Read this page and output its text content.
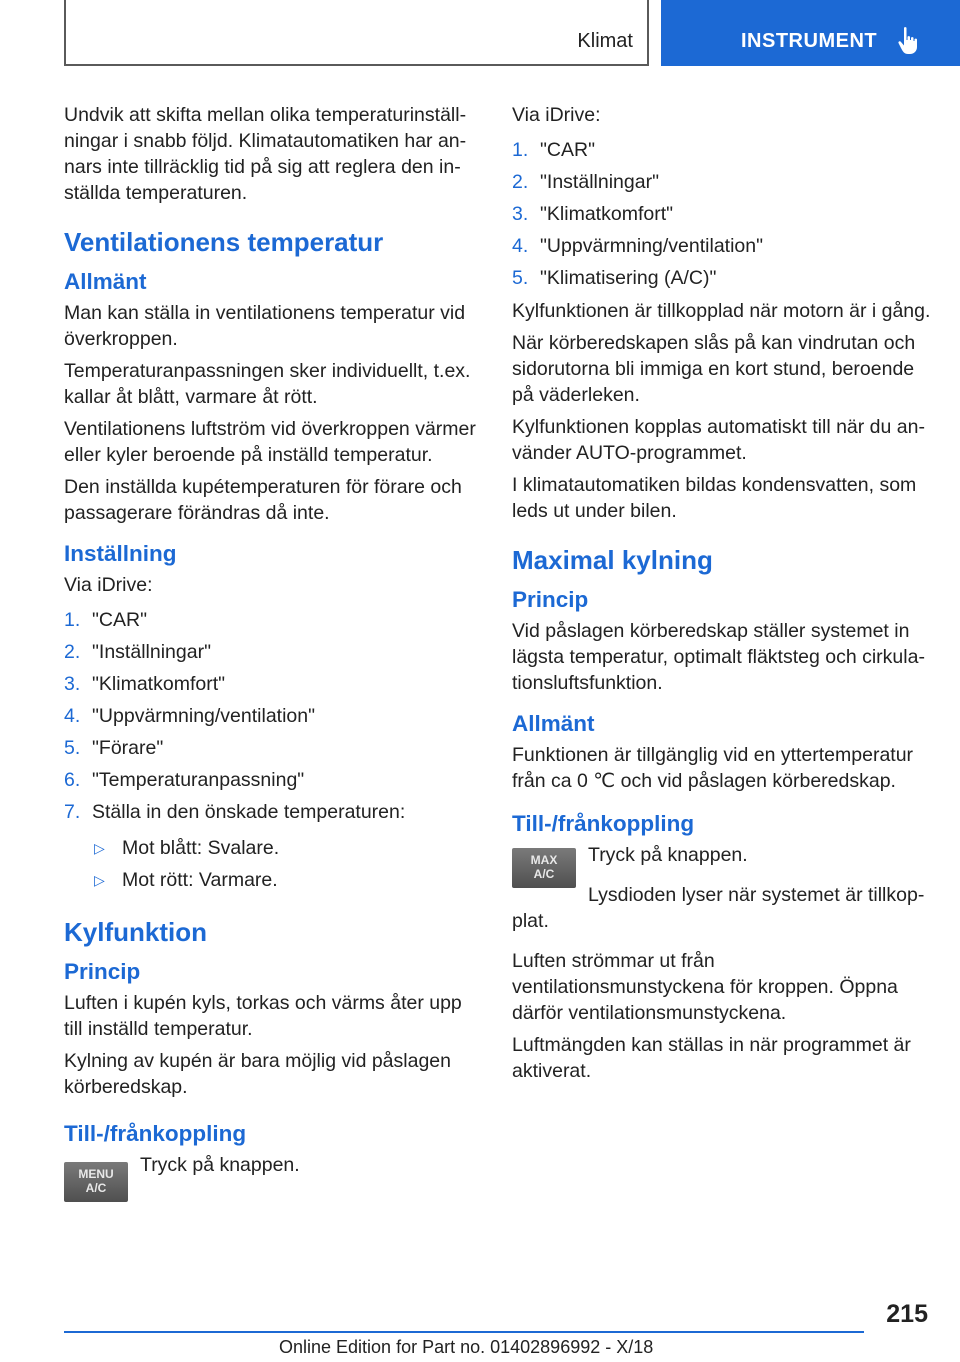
Klimat	INSTRUMENT

Undvik att skifta mellan olika temperaturinställningar i snabb följd. Klimatautomatiken har annars inte tillräcklig tid på sig att reglera den inställda temperaturen.

Ventilationens temperatur
Allmänt

Man kan ställa in ventilationens temperatur vid överkroppen.

Temperaturanpassningen sker individuellt, t.ex. kallar åt blått, varmare åt rött.

Ventilationens luftström vid överkroppen värmer eller kyler beroende på inställd temperatur.

Den inställda kupétemperaturen för förare och passagerare förändras då inte.

Inställning

Via iDrive:

1. "CAR"
2. "Inställningar"
3. "Klimatkomfort"
4. "Uppvärmning/ventilation"
5. "Förare"
6. "Temperaturanpassning"
7. Ställa in den önskade temperaturen:
▷ Mot blått: Svalare.
▷ Mot rött: Varmare.
Kylfunktion
Princip

Luften i kupén kyls, torkas och värms åter upp till inställd temperatur.

Kylning av kupén är bara möjlig vid påslagen körberedskap.

Till-/frånkoppling
MENU
A/C

Tryck på knappen.

Via iDrive:

1. "CAR"
2. "Inställningar"
3. "Klimatkomfort"
4. "Uppvärmning/ventilation"
5. "Klimatisering (A/C)"

Kylfunktionen är tillkopplad när motorn är i gång.

När körberedskapen slås på kan vindrutan och sidorutorna bli immiga en kort stund, beroende på väderleken.

Kylfunktionen kopplas automatiskt till när du använder AUTO-programmet.

I klimatautomatiken bildas kondensvatten, som leds ut under bilen.

Maximal kylning
Princip

Vid påslagen körberedskap ställer systemet in lägsta temperatur, optimalt fläktsteg och cirkulationsluftsfunktion.

Allmänt

Funktionen är tillgänglig vid en yttertemperatur från ca 0 ℃ och vid påslagen körberedskap.

Till-/frånkoppling
MAX
A/C

Tryck på knappen.

Lysdioden lyser när systemet är tillkopplat.

Luften strömmar ut från ventilationsmunstyckena för kroppen. Öppna därför ventilationsmunstyckena.

Luftmängden kan ställas in när programmet är aktiverat.

215
Online Edition for Part no. 01402896992 - X/18
